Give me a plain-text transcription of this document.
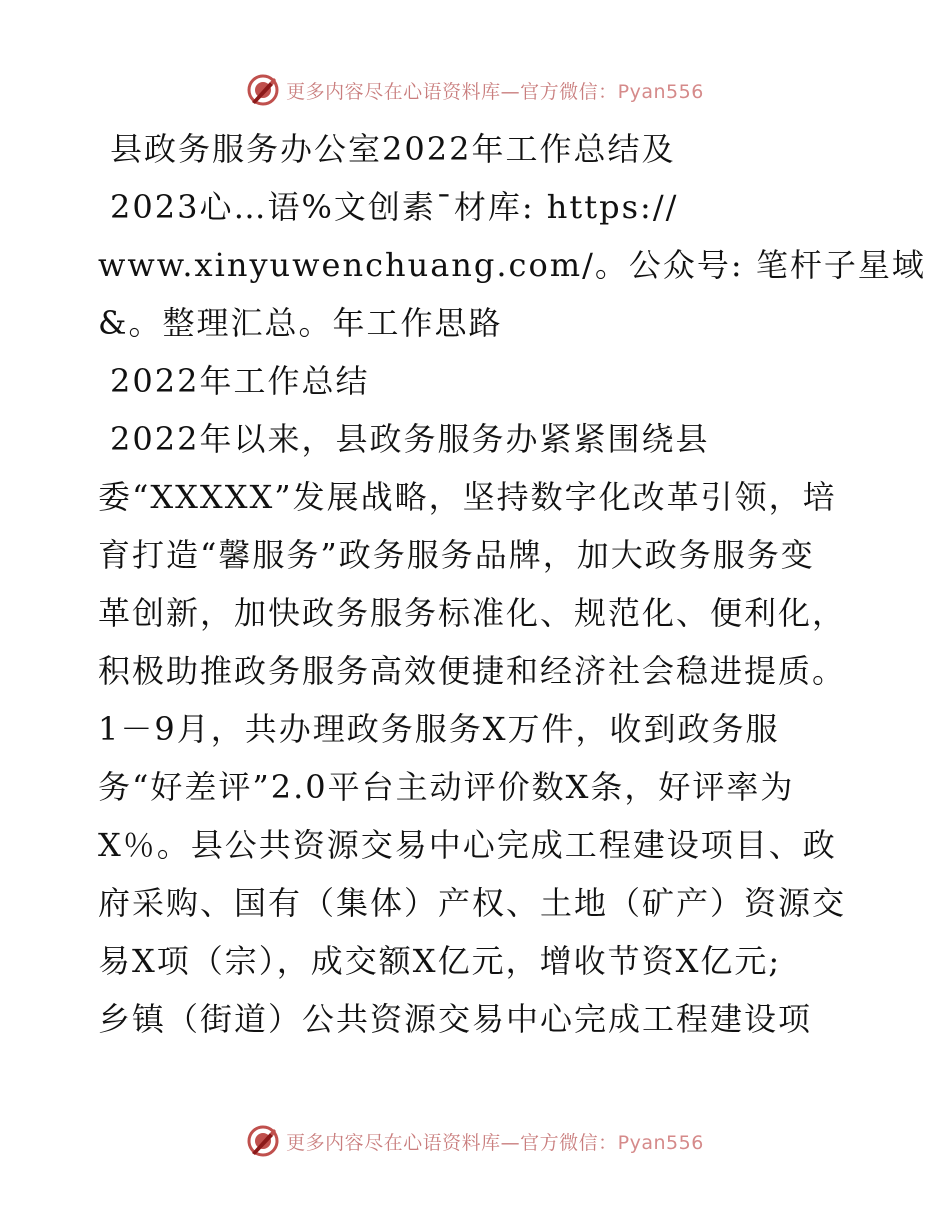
更多内容尽在心语资料库—官方微信：Pyan556
县政务服务办公室2022年工作总结及
2023心…语%文创素¯材库: https://
www.xinyuwenchuang.com/。公众号: 笔杆子星域
&。整理汇总。年工作思路
2022年工作总结
2022年以来，县政务服务办紧紧围绕县
委“XXXXX”发展战略，坚持数字化改革引领，培
育打造“馨服务”政务服务品牌，加大政务服务变
革创新，加快政务服务标准化、规范化、便利化，
积极助推政务服务高效便捷和经济社会稳进提质。
1－9月，共办理政务服务X万件，收到政务服
务“好差评”2.0平台主动评价数X条，好评率为
X％。县公共资源交易中心完成工程建设项目、政
府采购、国有（集体）产权、土地（矿产）资源交
易X项（宗），成交额X亿元，增收节资X亿元;
乡镇（街道）公共资源交易中心完成工程建设项
更多内容尽在心语资料库—官方微信：Pyan556
